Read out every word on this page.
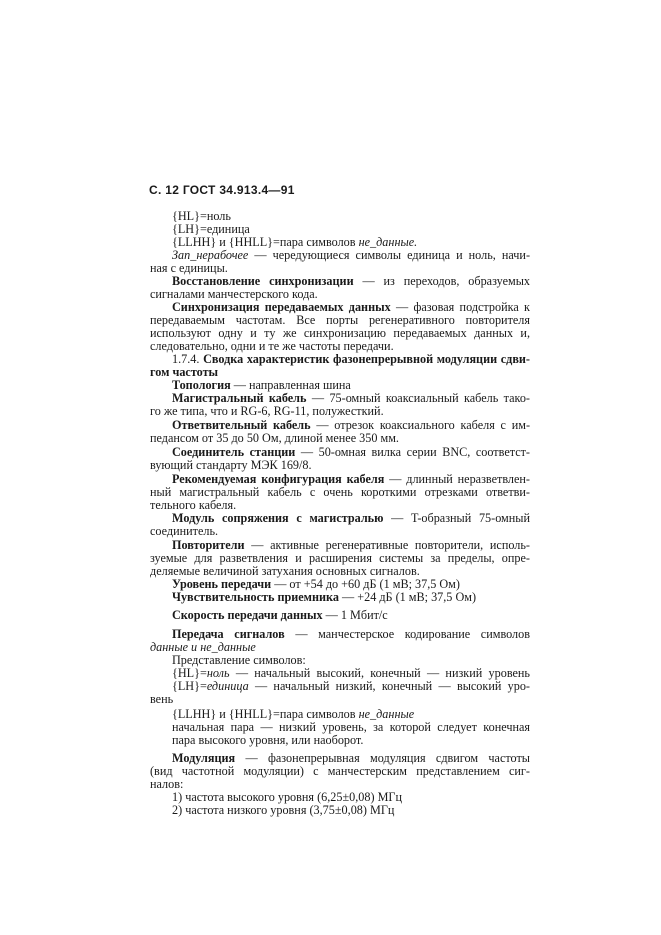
С. 12 ГОСТ 34.913.4—91
{HL}=ноль
{LH}=единица
{LLHH} и {HHLL}=пара символов не_данные.
Зап_нерабочее — чередующиеся символы единица и ноль, начи-
ная с единицы.
Восстановление синхронизации — из переходов, образуемых
сигналами манчестерского кода.
Синхронизация передаваемых данных — фазовая подстройка к
передаваемым частотам. Все порты регенеративного повторителя
используют одну и ту же синхронизацию передаваемых данных и,
следовательно, одни и те же частоты передачи.
1.7.4. Сводка характеристик фазонепрерывной модуляции сдви-
гом частоты
Топология — направленная шина
Магистральный кабель — 75-омный коаксиальный кабель тако-
го же типа, что и RG-6, RG-11, полужесткий.
Ответвительный кабель — отрезок коаксиального кабеля с им-
педансом от 35 до 50 Ом, длиной менее 350 мм.
Соединитель станции — 50-омная вилка серии BNC, соответст-
вующий стандарту МЭК 169/8.
Рекомендуемая конфигурация кабеля — длинный неразветвлен-
ный магистральный кабель с очень короткими отрезками ответви-
тельного кабеля.
Модуль сопряжения с магистралью — T-образный 75-омный
соединитель.
Повторители — активные регенеративные повторители, исполь-
зуемые для разветвления и расширения системы за пределы, опре-
деляемые величиной затухания основных сигналов.
Уровень передачи — от +54 до +60 дБ (1 мВ; 37,5 Ом)
Чувствительность приемника — +24 дБ (1 мВ; 37,5 Ом)
Скорость передачи данных — 1 Мбит/с
Передача сигналов — манчестерское кодирование символов
данные и не_данные
Представление символов:
{HL}=ноль — начальный высокий, конечный — низкий уровень
{LH}=единица — начальный низкий, конечный — высокий уро-
вень
{LLHH} и {HHLL}=пара символов не_данные
начальная пара — низкий уровень, за которой следует конечная
пара высокого уровня, или наоборот.
Модуляция — фазонепрерывная модуляция сдвигом частоты
(вид частотной модуляции) с манчестерским представлением сиг-
налов:
1) частота высокого уровня (6,25±0,08) МГц
2) частота низкого уровня (3,75±0,08) МГц
